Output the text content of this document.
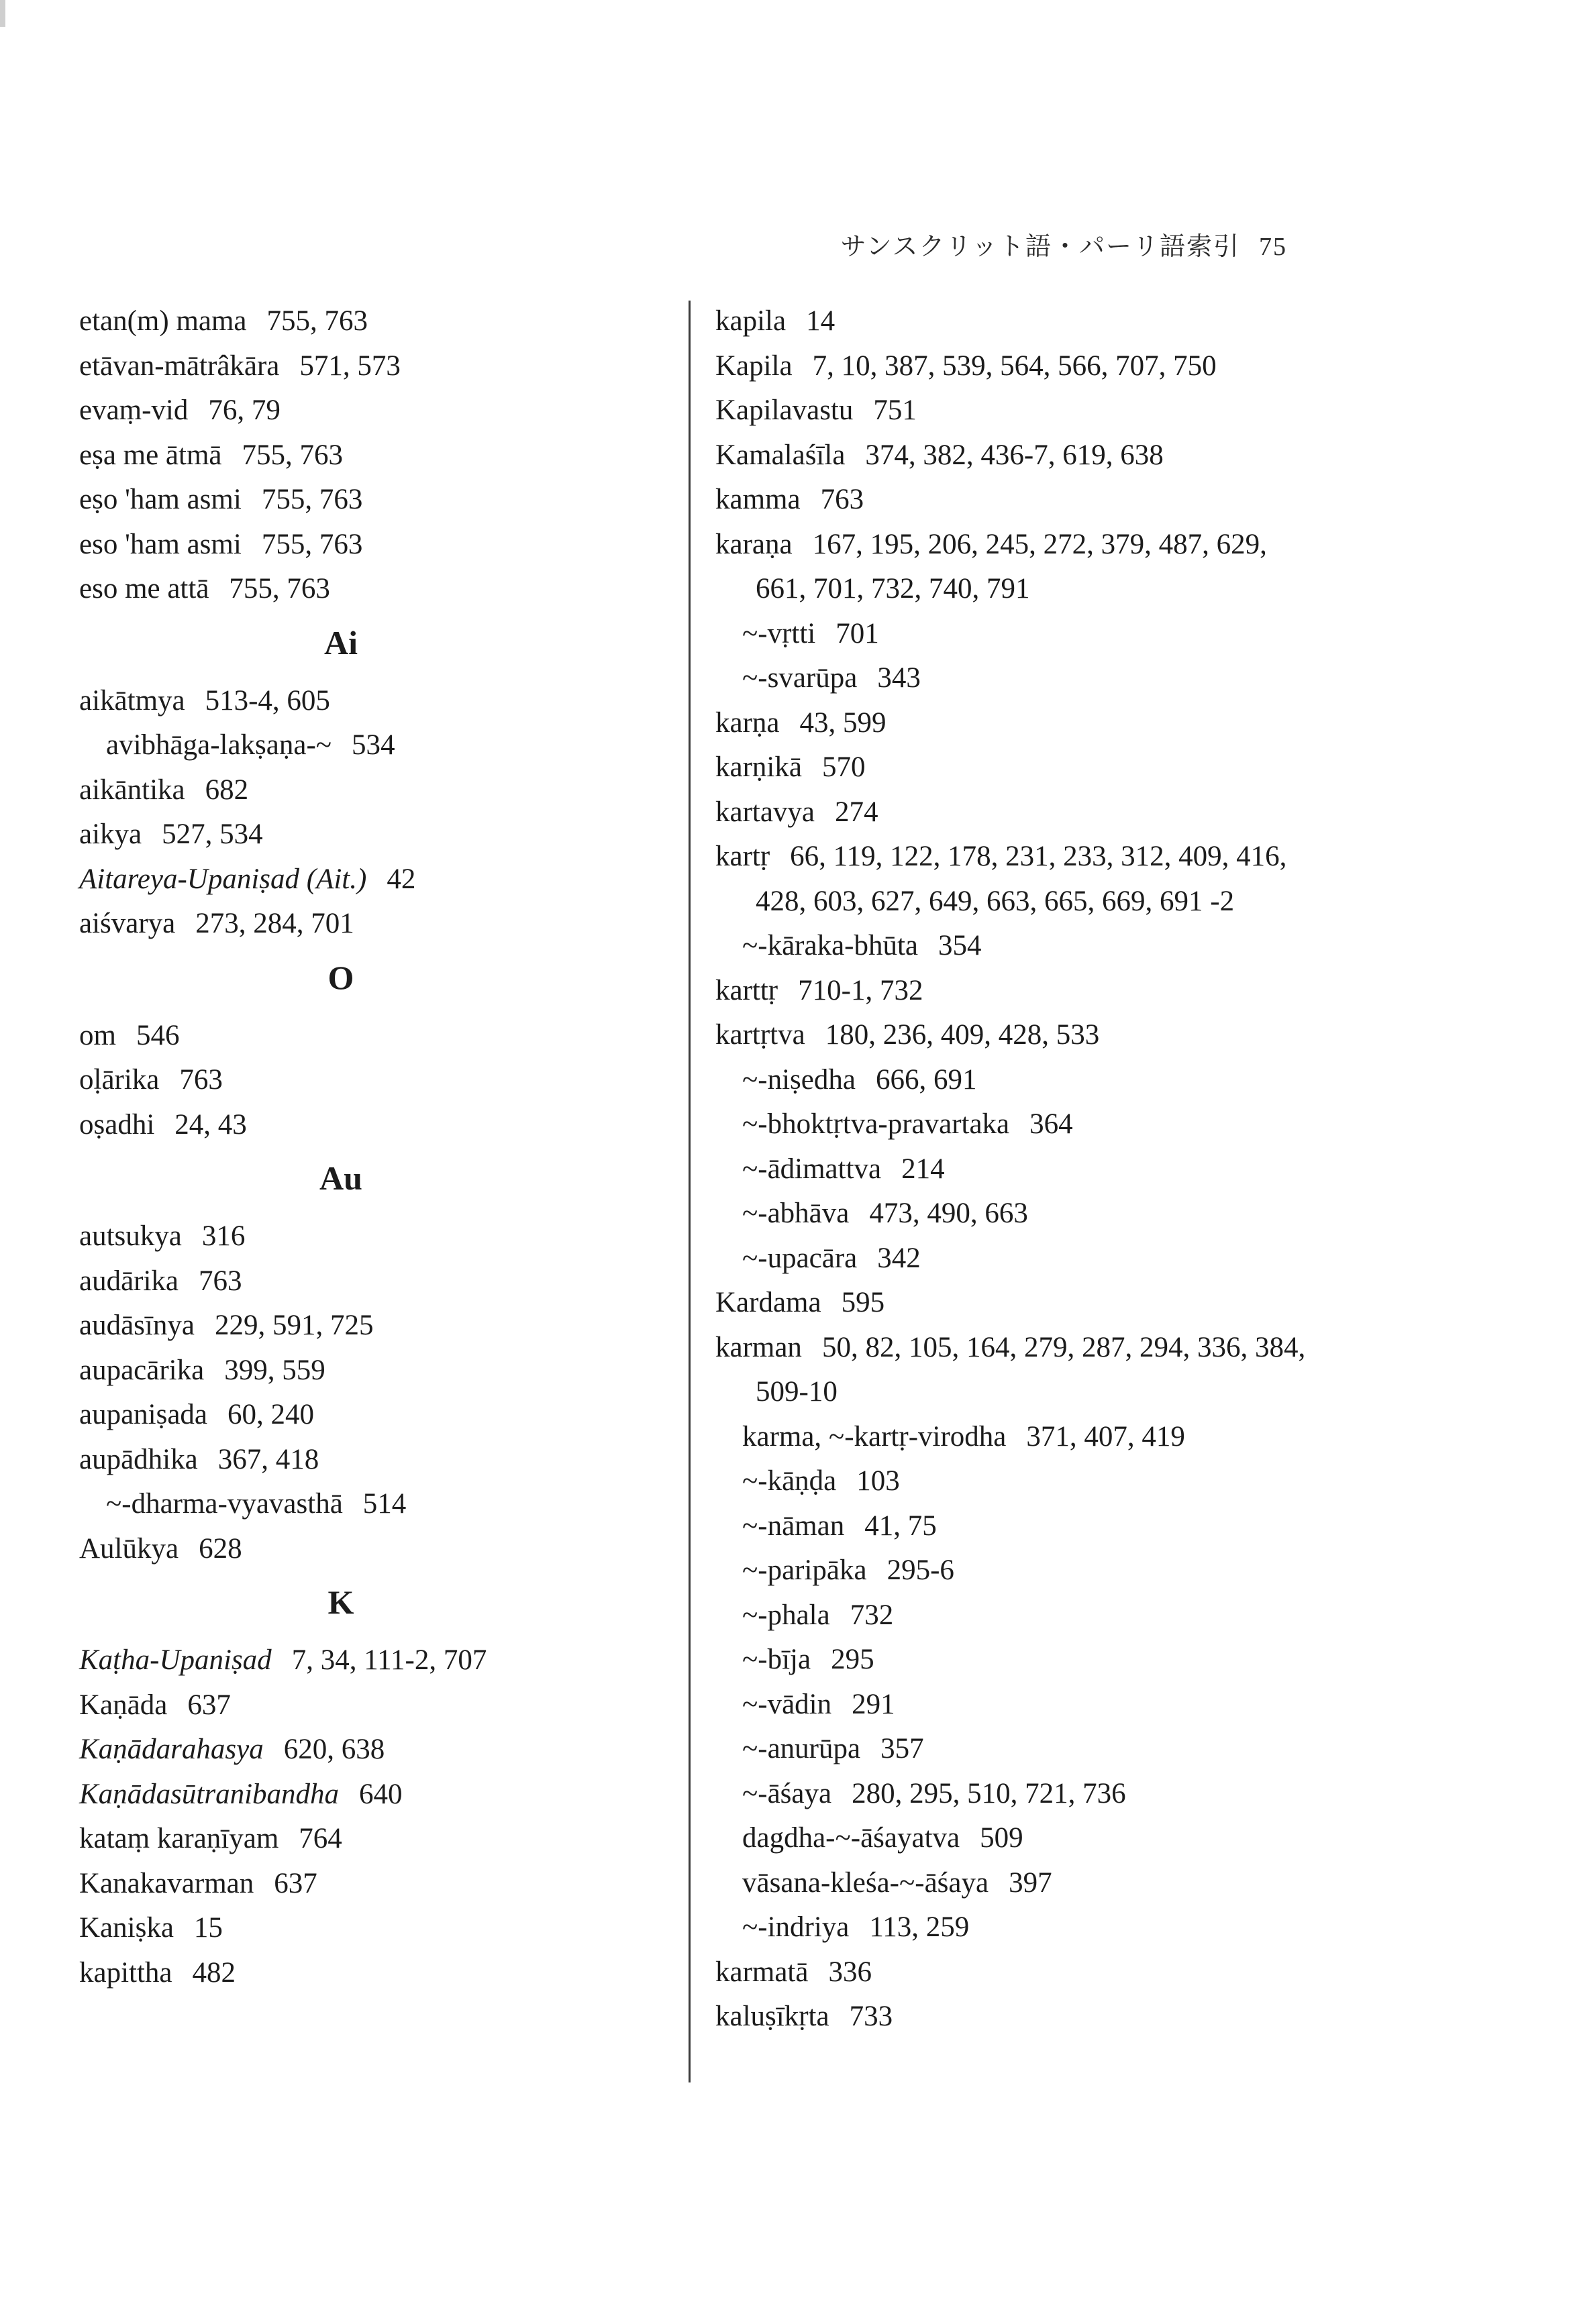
サンスクリット語・パーリ語索引 75
etan(m) mama 755, 763
etāvan-mātrâkāra 571, 573
evaṃ-vid 76, 79
eṣa me ātmā 755, 763
eṣo 'ham asmi 755, 763
eso 'ham asmi 755, 763
eso me attā 755, 763
Ai
aikātmya 513-4, 605
avibhāga-lakṣaṇa-~ 534
aikāntika 682
aikya 527, 534
Aitareya-Upaniṣad (Ait.) 42
aiśvarya 273, 284, 701
O
om 546
oḷārika 763
oṣadhi 24, 43
Au
autsukya 316
audārika 763
audāsīnya 229, 591, 725
aupacārika 399, 559
aupaniṣada 60, 240
aupādhika 367, 418
~-dharma-vyavasthā 514
Aulūkya 628
K
Kaṭha-Upaniṣad 7, 34, 111-2, 707
Kaṇāda 637
Kaṇādarahasya 620, 638
Kaṇādasūtranibandha 640
kataṃ karaṇīyam 764
Kanakavarman 637
Kaniṣka 15
kapittha 482
kapila 14
Kapila 7, 10, 387, 539, 564, 566, 707, 750
Kapilavastu 751
Kamalaśīla 374, 382, 436-7, 619, 638
kamma 763
karaṇa 167, 195, 206, 245, 272, 379, 487, 629, 661, 701, 732, 740, 791
~-vṛtti 701
~-svarūpa 343
karṇa 43, 599
karṇikā 570
kartavya 274
kartṛ 66, 119, 122, 178, 231, 233, 312, 409, 416, 428, 603, 627, 649, 663, 665, 669, 691 -2
~-kāraka-bhūta 354
karttṛ 710-1, 732
kartṛtva 180, 236, 409, 428, 533
~-niṣedha 666, 691
~-bhoktṛtva-pravartaka 364
~-ādimattva 214
~-abhāva 473, 490, 663
~-upacāra 342
Kardama 595
karman 50, 82, 105, 164, 279, 287, 294, 336, 384, 509-10
karma, ~-kartṛ-virodha 371, 407, 419
~-kāṇḍa 103
~-nāman 41, 75
~-paripāka 295-6
~-phala 732
~-bīja 295
~-vādin 291
~-anurūpa 357
~-āśaya 280, 295, 510, 721, 736
dagdha-~-āśayatva 509
vāsana-kleśa-~-āśaya 397
~-indriya 113, 259
karmatā 336
kaluṣīkṛta 733
